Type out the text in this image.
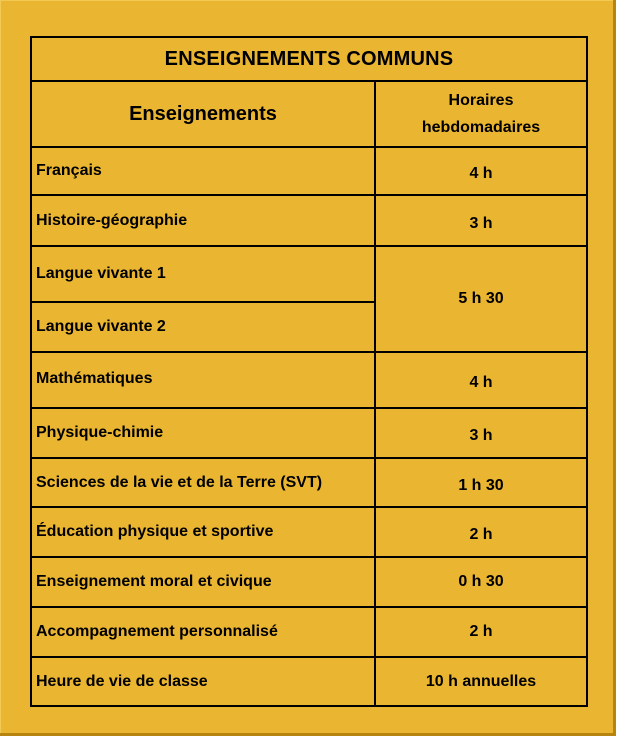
ENSEIGNEMENTS COMMUNS	
Enseignements	Horaires
hebdomadaires

Français	4 h
Histoire-géographie	3 h
Langue vivante 1	5 h 30
Langue vivante 2	
Mathématiques	4 h
Physique-chimie	3 h
Sciences de la vie et de la Terre (SVT)	1 h 30
Éducation physique et sportive	2 h
Enseignement moral et civique	0 h 30
Accompagnement personnalisé	2 h
Heure de vie de classe	10 h annuelles
